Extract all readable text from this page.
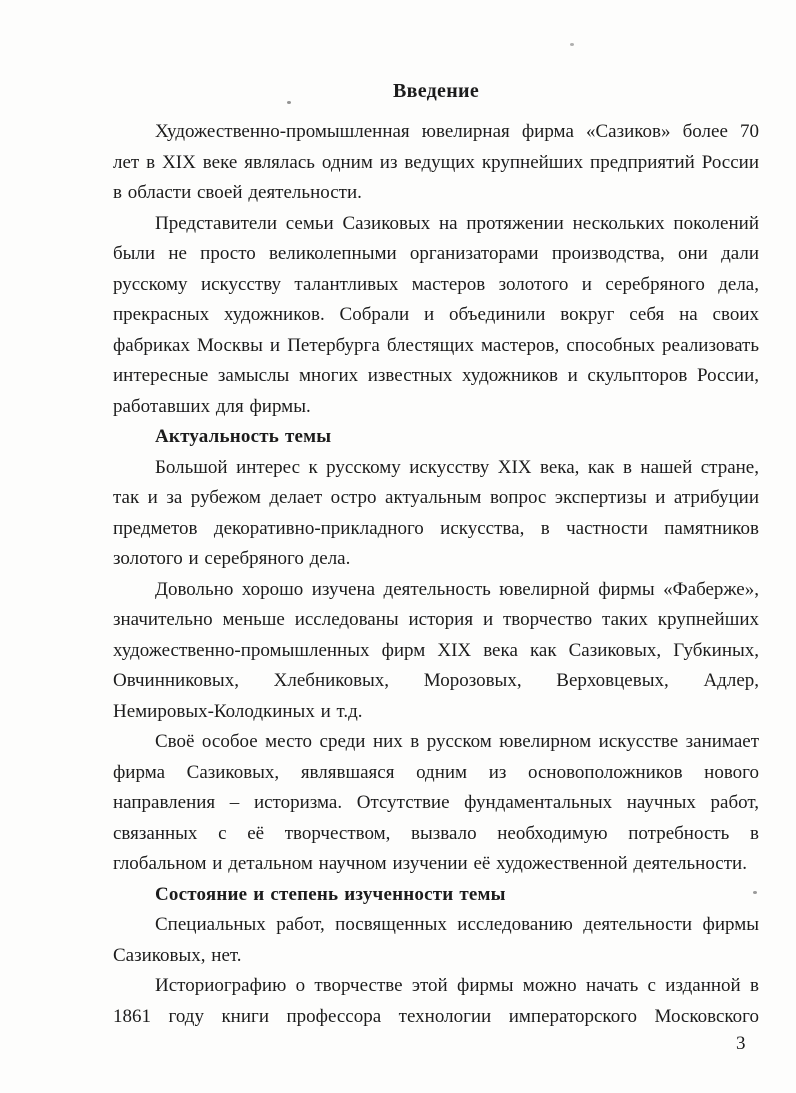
Введение
Художественно-промышленная ювелирная фирма «Сазиков» более 70
лет в XIX веке являлась одним из ведущих крупнейших предприятий России
в области своей деятельности.
Представители семьи Сазиковых на протяжении нескольких поколений
были не просто великолепными организаторами производства, они дали
русскому искусству талантливых мастеров золотого и серебряного дела,
прекрасных художников. Собрали и объединили вокруг себя на своих
фабриках Москвы и Петербурга блестящих мастеров, способных реализовать
интересные замыслы многих известных художников и скульпторов России,
работавших для фирмы.
Актуальность темы
Большой интерес к русскому искусству XIX века, как в нашей стране,
так и за рубежом делает остро актуальным вопрос экспертизы и атрибуции
предметов декоративно-прикладного искусства, в частности памятников
золотого и серебряного дела.
Довольно хорошо изучена деятельность ювелирной фирмы «Фаберже»,
значительно меньше исследованы история и творчество таких крупнейших
художественно-промышленных фирм XIX века как Сазиковых, Губкиных,
Овчинниковых, Хлебниковых, Морозовых, Верховцевых, Адлер,
Немировых-Колодкиных и т.д.
Своё особое место среди них в русском ювелирном искусстве занимает
фирма Сазиковых, являвшаяся одним из основоположников нового
направления – историзма. Отсутствие фундаментальных научных работ,
связанных с её творчеством, вызвало необходимую потребность в
глобальном и детальном научном изучении её художественной деятельности.
Состояние и степень изученности темы
Специальных работ, посвященных исследованию деятельности фирмы
Сазиковых, нет.
Историографию о творчестве этой фирмы можно начать с изданной в
1861 году книги профессора технологии императорского Московского
3
